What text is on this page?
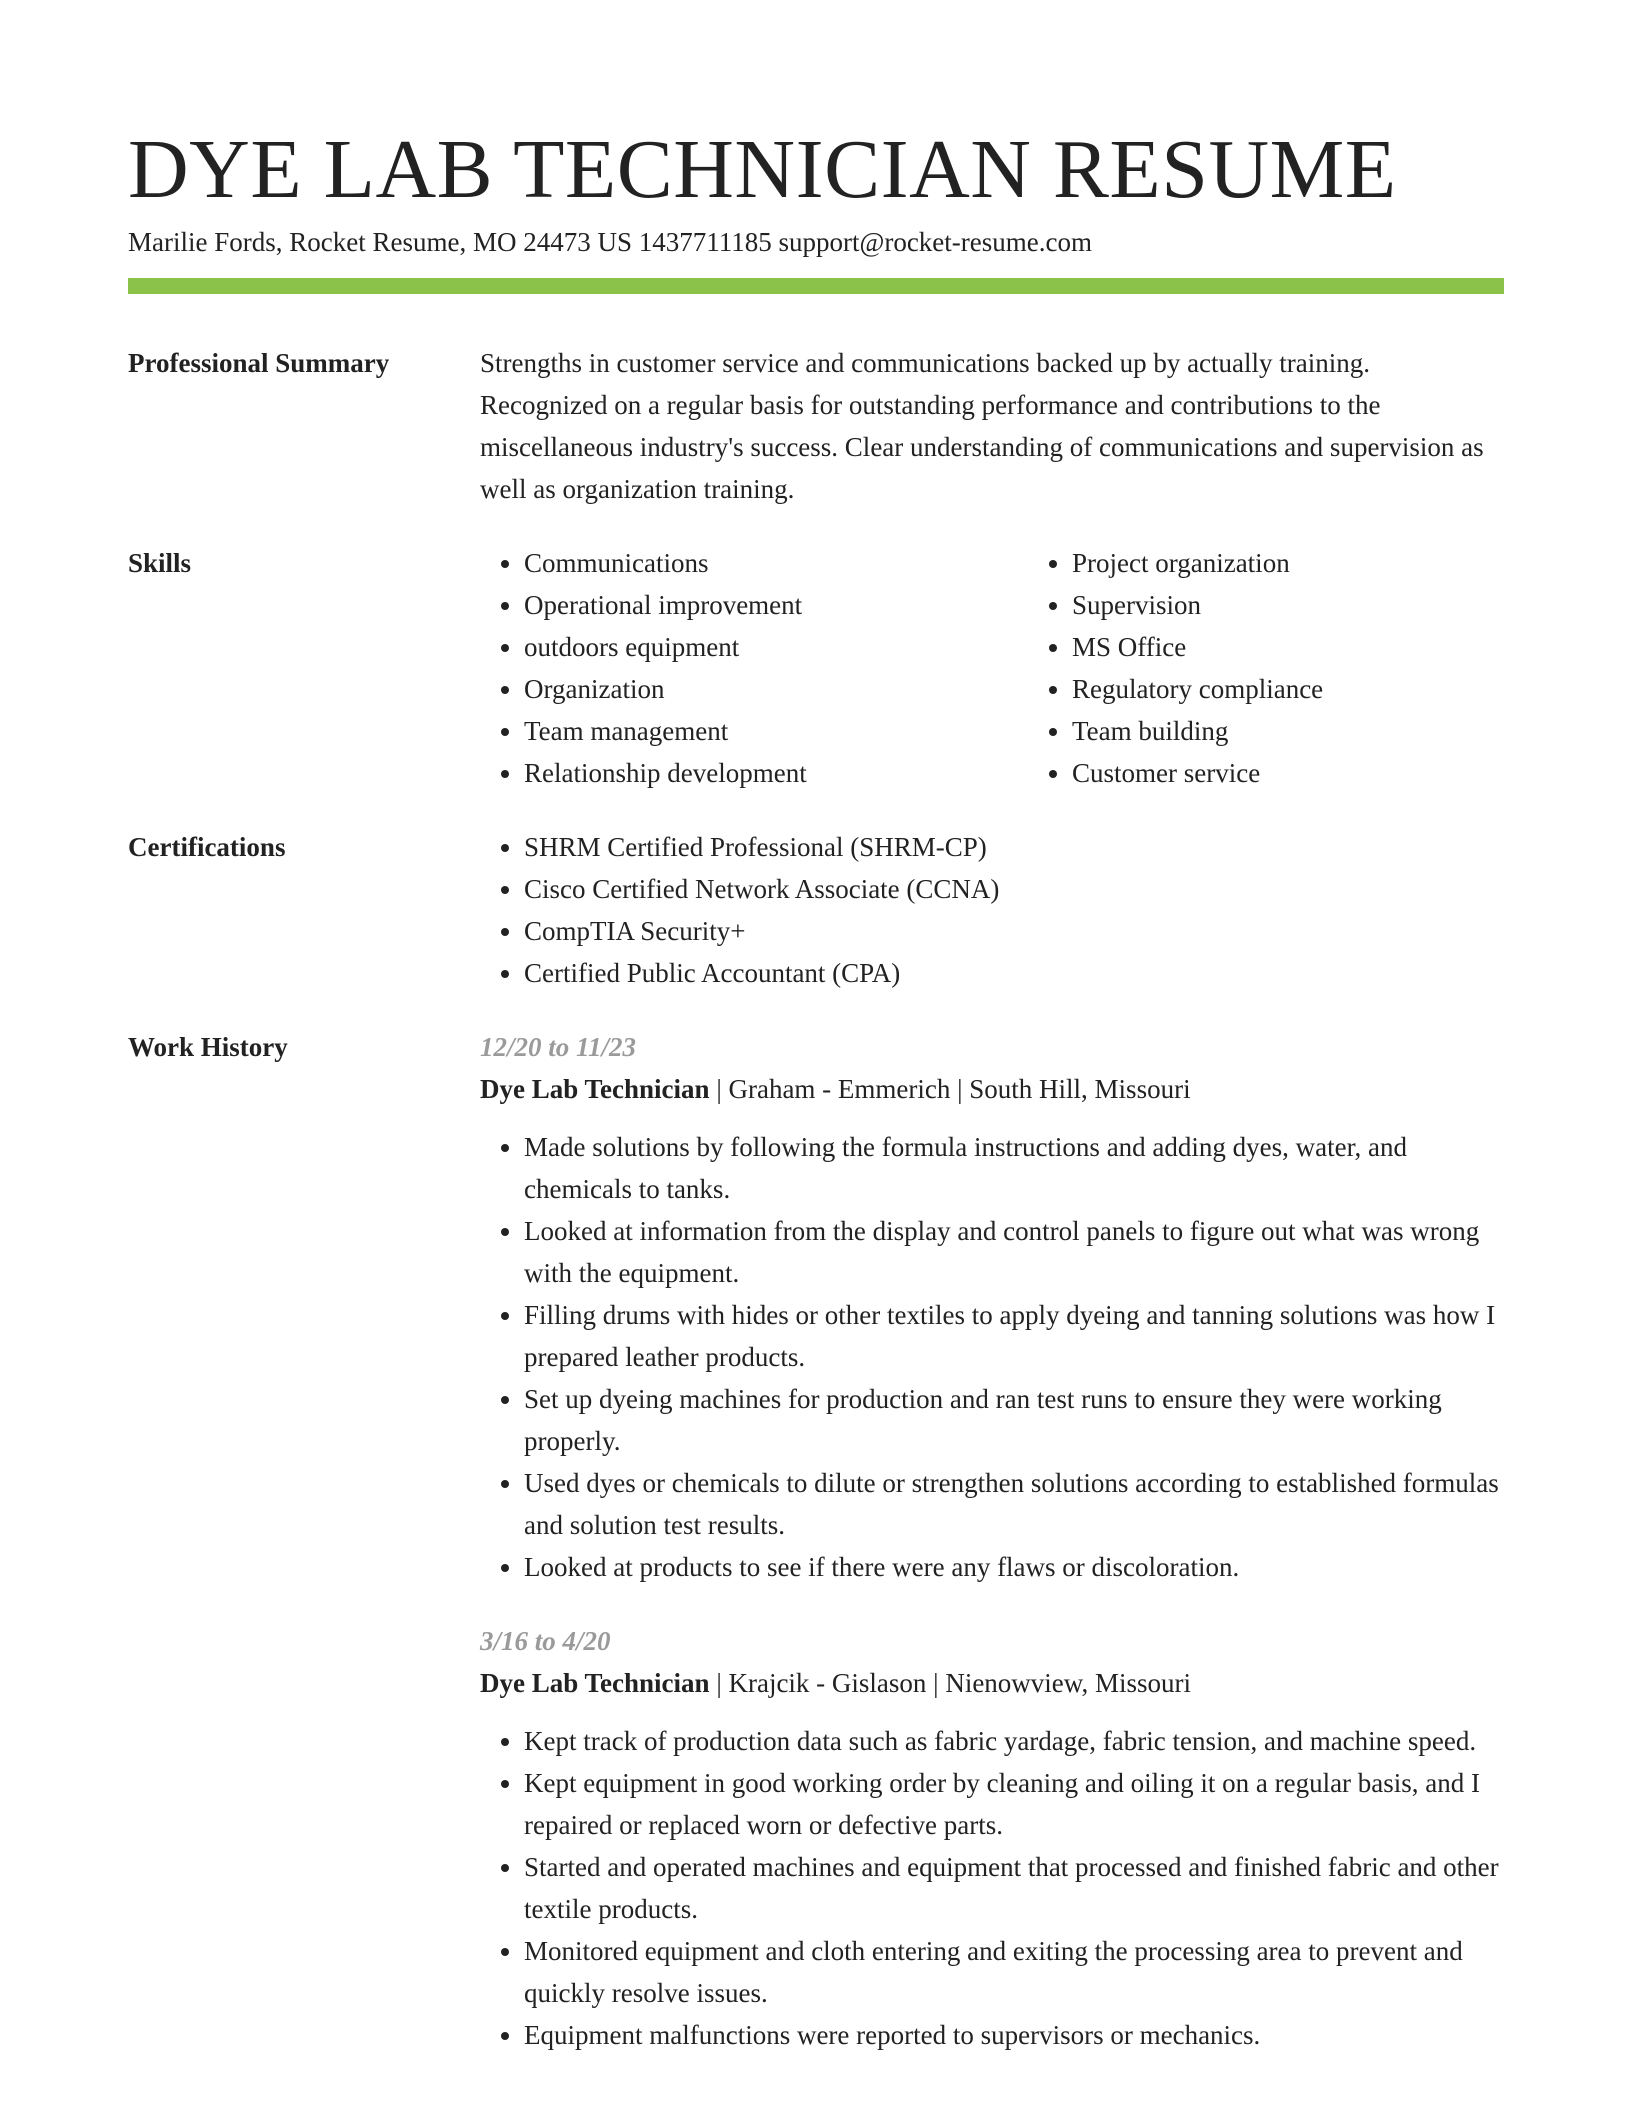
DYE LAB TECHNICIAN RESUME
Marilie Fords, Rocket Resume, MO 24473 US 1437711185 support@rocket-resume.com
Professional Summary	Strengths in customer service and communications backed up by actually training. Recognized on a regular basis for outstanding performance and contributions to the miscellaneous industry's success. Clear understanding of communications and supervision as well as organization training.

Skills	• Communications
• Operational improvement
• outdoors equipment
• Organization
• Team management
• Relationship development
• Project organization
• Supervision
• MS Office
• Regulatory compliance
• Team building
• Customer service
Certifications	• SHRM Certified Professional (SHRM-CP)
• Cisco Certified Network Associate (CCNA)
• CompTIA Security+
• Certified Public Accountant (CPA)
Work History	12/20 to 11/23
Dye Lab Technician | Graham - Emmerich | South Hill, Missouri
• Made solutions by following the formula instructions and adding dyes, water, and chemicals to tanks.
• Looked at information from the display and control panels to figure out what was wrong with the equipment.
• Filling drums with hides or other textiles to apply dyeing and tanning solutions was how I prepared leather products.
• Set up dyeing machines for production and ran test runs to ensure they were working properly.
• Used dyes or chemicals to dilute or strengthen solutions according to established formulas and solution test results.
• Looked at products to see if there were any flaws or discoloration.
3/16 to 4/20
Dye Lab Technician | Krajcik - Gislason | Nienowview, Missouri
• Kept track of production data such as fabric yardage, fabric tension, and machine speed.
• Kept equipment in good working order by cleaning and oiling it on a regular basis, and I repaired or replaced worn or defective parts.
• Started and operated machines and equipment that processed and finished fabric and other textile products.
• Monitored equipment and cloth entering and exiting the processing area to prevent and quickly resolve issues.
• Equipment malfunctions were reported to supervisors or mechanics.
